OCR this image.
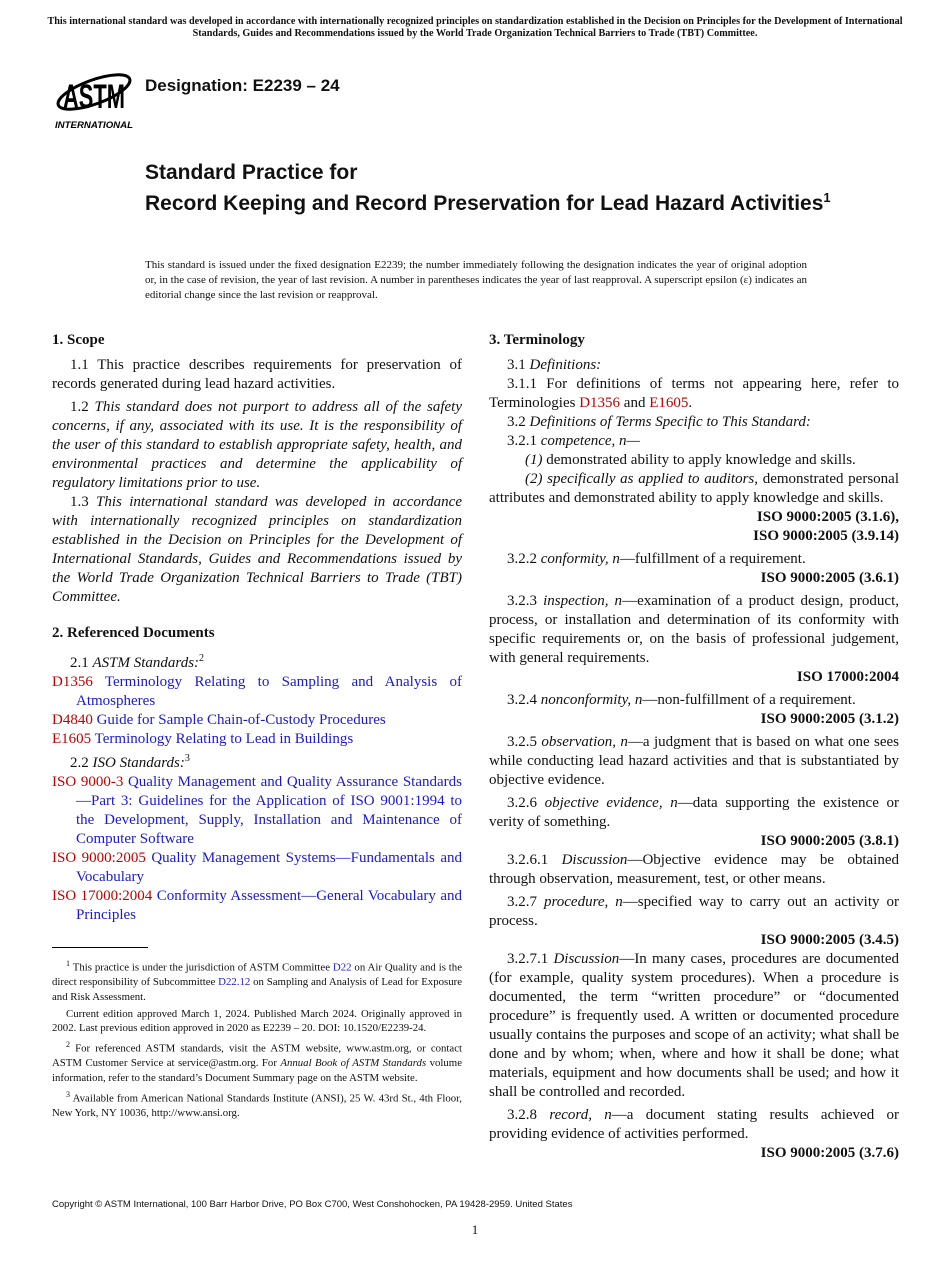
This international standard was developed in accordance with internationally recognized principles on standardization established in the Decision on Principles for the Development of International Standards, Guides and Recommendations issued by the World Trade Organization Technical Barriers to Trade (TBT) Committee.
ASTM
INTERNATIONAL
Designation: E2239 – 24
Standard Practice for
Record Keeping and Record Preservation for Lead Hazard Activities$^1$
This standard is issued under the fixed designation E2239; the number immediately following the designation indicates the year of original adoption or, in the case of revision, the year of last revision. A number in parentheses indicates the year of last reapproval. A superscript epsilon (ε) indicates an editorial change since the last revision or reapproval.
1. Scope

1.1 This practice describes requirements for preservation of records generated during lead hazard activities.

1.2 This standard does not purport to address all of the safety concerns, if any, associated with its use. It is the responsibility of the user of this standard to establish appropriate safety, health, and environmental practices and determine the applicability of regulatory limitations prior to use.

1.3 This international standard was developed in accordance with internationally recognized principles on standardization established in the Decision on Principles for the Development of International Standards, Guides and Recommendations issued by the World Trade Organization Technical Barriers to Trade (TBT) Committee.

2. Referenced Documents

2.1 ASTM Standards:$^2$

D1356 Terminology Relating to Sampling and Analysis of Atmospheres
D4840 Guide for Sample Chain-of-Custody Procedures
E1605 Terminology Relating to Lead in Buildings

2.2 ISO Standards:$^3$

ISO 9000-3 Quality Management and Quality Assurance Standards—Part 3: Guidelines for the Application of ISO 9001:1994 to the Development, Supply, Installation and Maintenance of Computer Software
ISO 9000:2005 Quality Management Systems—Fundamentals and Vocabulary
ISO 17000:2004 Conformity Assessment—General Vocabulary and Principles
3. Terminology

3.1 Definitions:

3.1.1 For definitions of terms not appearing here, refer to Terminologies D1356 and E1605.

3.2 Definitions of Terms Specific to This Standard:

3.2.1 competence, n—

(1) demonstrated ability to apply knowledge and skills.

(2) specifically as applied to auditors, demonstrated personal attributes and demonstrated ability to apply knowledge and skills.
ISO 9000:2005 (3.1.6),
ISO 9000:2005 (3.9.14)

3.2.2 conformity, n—fulfillment of a requirement.
ISO 9000:2005 (3.6.1)

3.2.3 inspection, n—examination of a product design, product, process, or installation and determination of its conformity with specific requirements or, on the basis of professional judgement, with general requirements.
ISO 17000:2004

3.2.4 nonconformity, n—non-fulfillment of a requirement.
ISO 9000:2005 (3.1.2)

3.2.5 observation, n—a judgment that is based on what one sees while conducting lead hazard activities and that is substantiated by objective evidence.

3.2.6 objective evidence, n—data supporting the existence or verity of something.
ISO 9000:2005 (3.8.1)

3.2.6.1 Discussion—Objective evidence may be obtained through observation, measurement, test, or other means.

3.2.7 procedure, n—specified way to carry out an activity or process.
ISO 9000:2005 (3.4.5)

3.2.7.1 Discussion—In many cases, procedures are documented (for example, quality system procedures). When a procedure is documented, the term “written procedure” or “documented procedure” is frequently used. A written or documented procedure usually contains the purposes and scope of an activity; what shall be done and by whom; when, where and how it shall be done; what materials, equipment and how documents shall be used; and how it shall be controlled and recorded.

3.2.8 record, n—a document stating results achieved or providing evidence of activities performed.
ISO 9000:2005 (3.7.6)

$^1$ This practice is under the jurisdiction of ASTM Committee D22 on Air Quality and is the direct responsibility of Subcommittee D22.12 on Sampling and Analysis of Lead for Exposure and Risk Assessment.

Current edition approved March 1, 2024. Published March 2024. Originally approved in 2002. Last previous edition approved in 2020 as E2239 – 20. DOI: 10.1520/E2239-24.

$^2$ For referenced ASTM standards, visit the ASTM website, www.astm.org, or contact ASTM Customer Service at service@astm.org. For Annual Book of ASTM Standards volume information, refer to the standard’s Document Summary page on the ASTM website.

$^3$ Available from American National Standards Institute (ANSI), 25 W. 43rd St., 4th Floor, New York, NY 10036, http://www.ansi.org.

Copyright © ASTM International, 100 Barr Harbor Drive, PO Box C700, West Conshohocken, PA 19428-2959. United States
1
